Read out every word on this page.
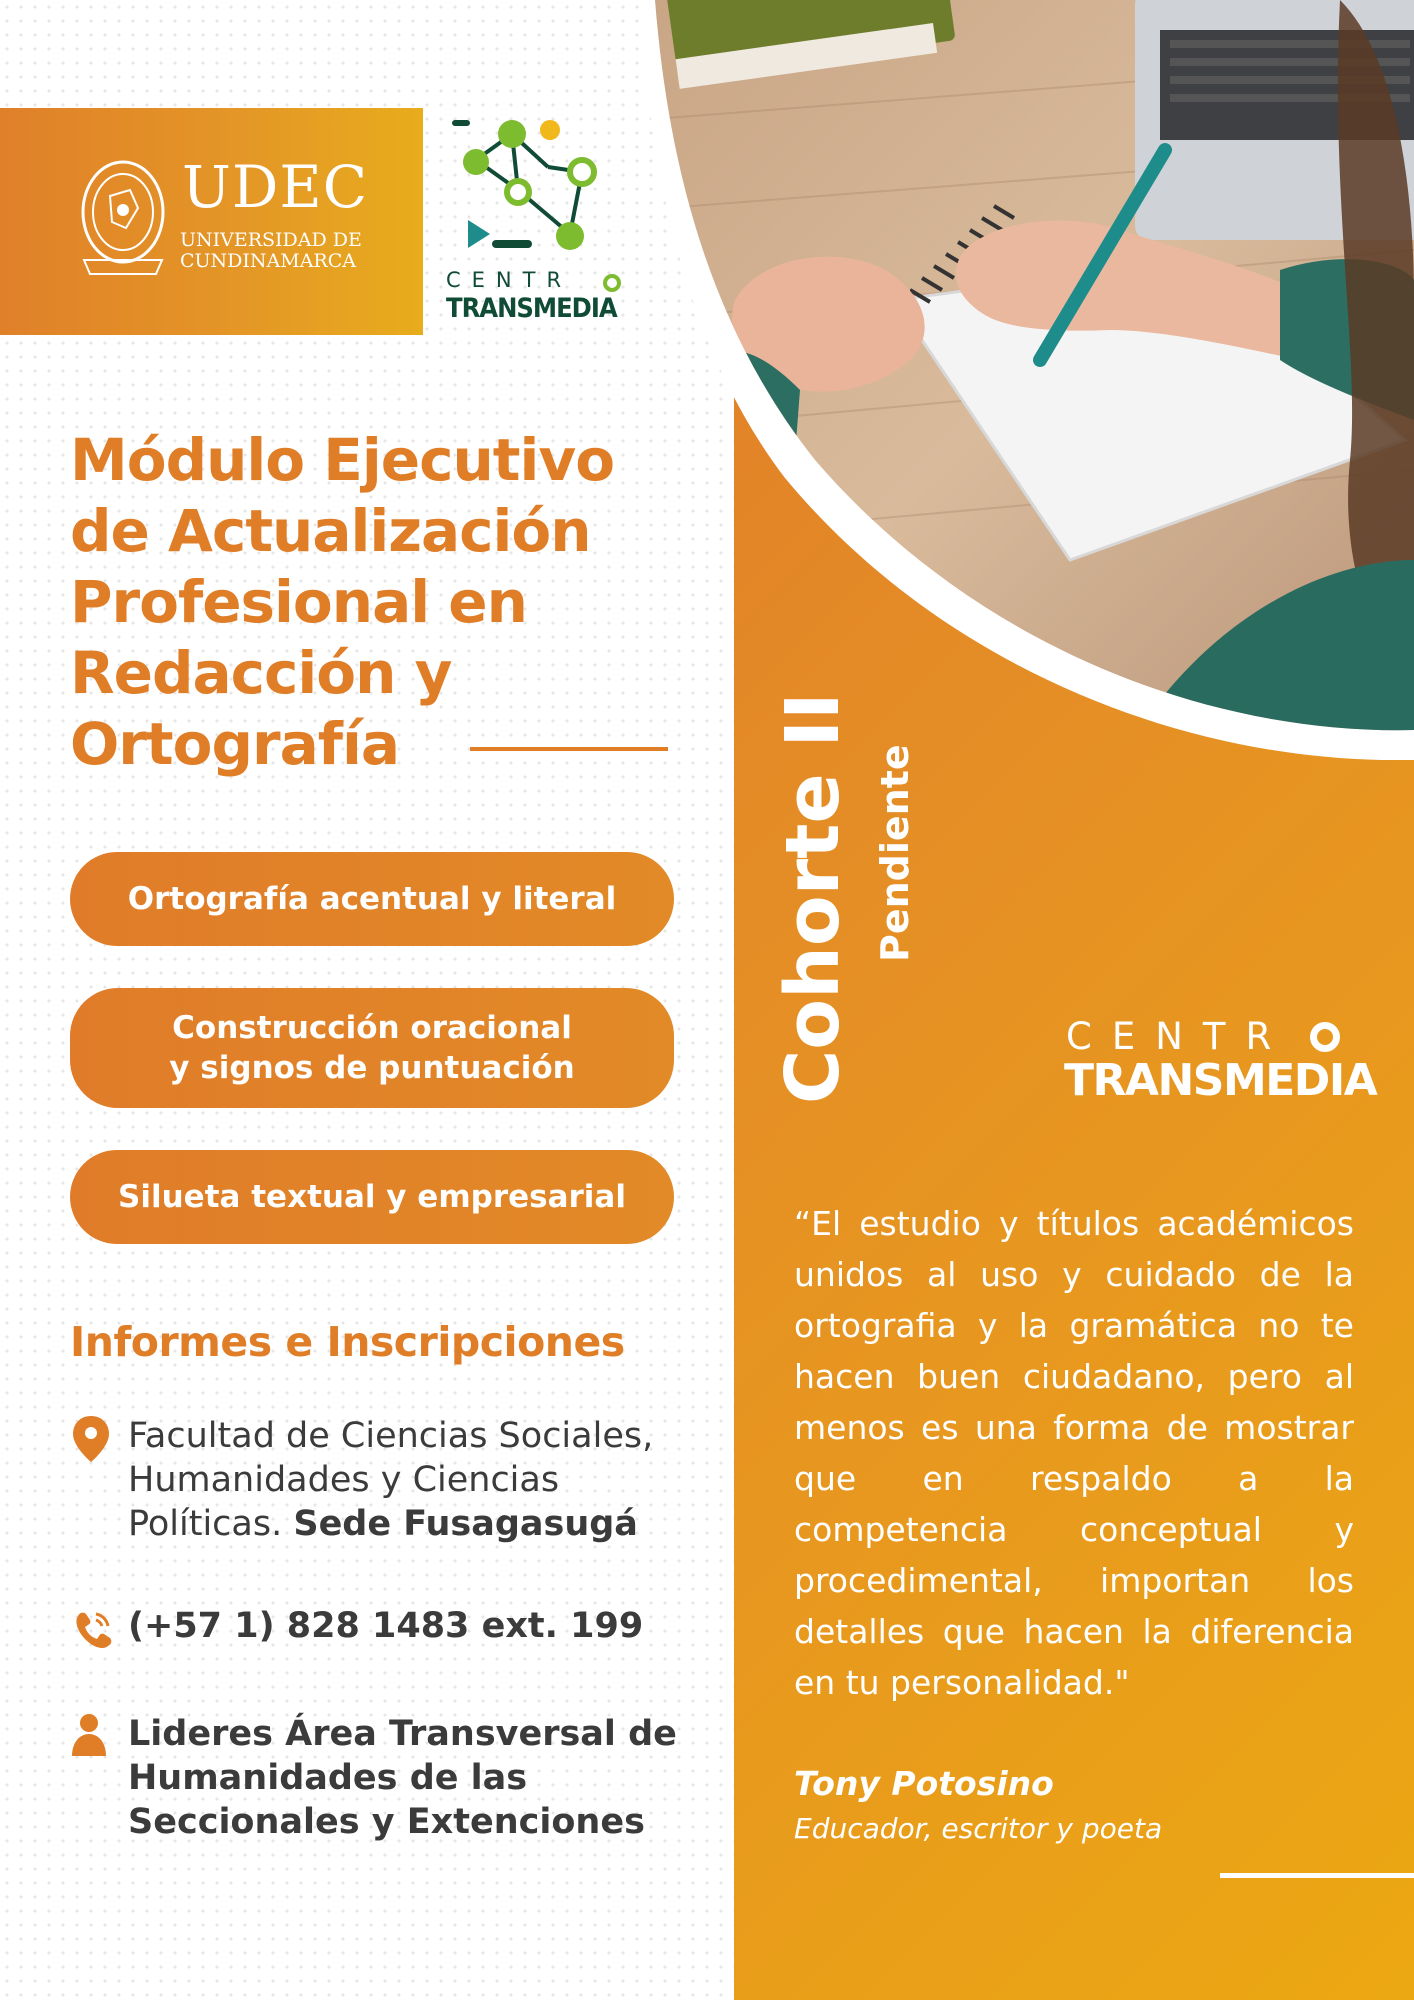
UDEC
UNIVERSIDAD DE
CUNDINAMARCA
CENTR
TRANSMEDIA
Módulo Ejecutivo de Actualización Profesional en Redacción y Ortografía
Ortografía acentual y literal
Construcción oracional y signos de puntuación
Silueta textual y empresarial
Informes e Inscripciones
Facultad de Ciencias Sociales, Humanidades y Ciencias Políticas. Sede Fusagasugá
(+57 1) 828 1483 ext. 199
Lideres Área Transversal de Humanidades de las Seccionales y Extenciones
Cohorte II Pendiente
CENTR
TRANSMEDIA

“El estudio y títulos académicos unidos al uso y cuidado de la ortografia y la gramática no te hacen buen ciudadano, pero al menos es una forma de mostrar que en respaldo a la competencia conceptual y procedimental, importan los detalles que hacen la diferencia en tu personalidad."

Tony Potosino
Educador, escritor y poeta
